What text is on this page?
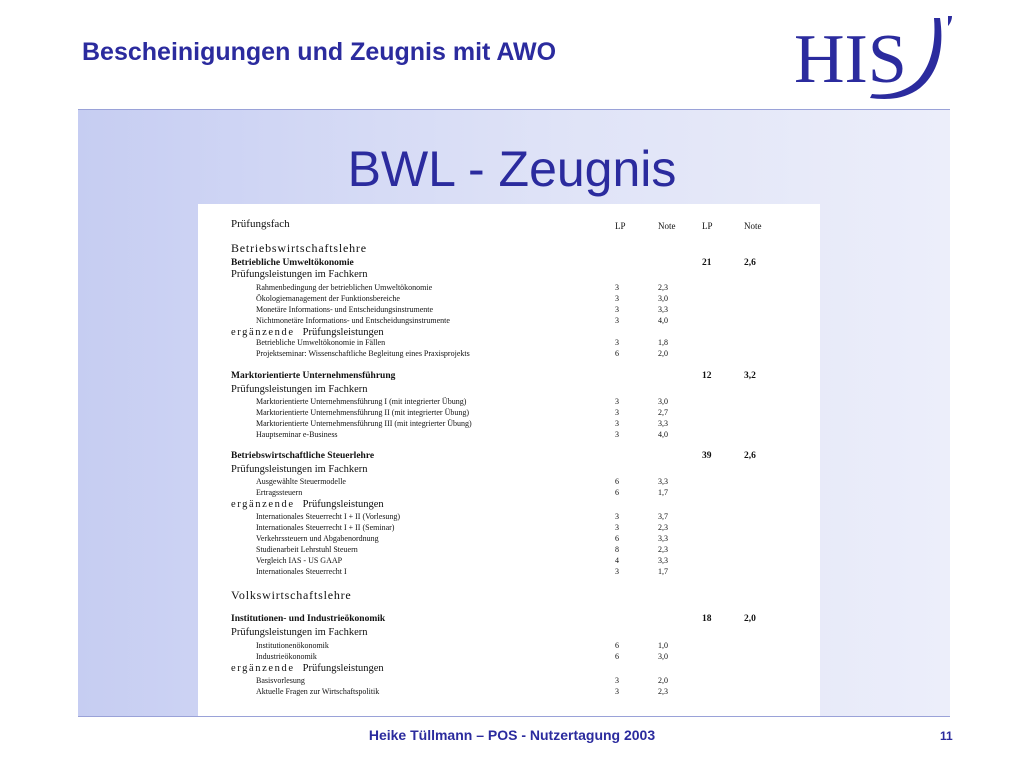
Bescheinigungen und Zeugnis mit AWO	HIS
BWL - Zeugnis
Prüfungsfach	LP	Note	LP	Note
Betriebswirtschaftslehre
Betriebliche Umweltökonomie	21	2,6
Prüfungsleistungen im Fachkern
Rahmenbedingung der betrieblichen Umweltökonomie	3	2,3
Ökologiemanagement der Funktionsbereiche	3	3,0
Monetäre Informations- und Entscheidungsinstrumente	3	3,3
Nichtmonetäre Informations- und Entscheidungsinstrumente	3	4,0
ergänzende Prüfungsleistungen
Betriebliche Umweltökonomie in Fällen	3	1,8
Projektseminar: Wissenschaftliche Begleitung eines Praxisprojekts	6	2,0
Marktorientierte Unternehmensführung	12	3,2
Prüfungsleistungen im Fachkern
Marktorientierte Unternehmensführung I (mit integrierter Übung)	3	3,0
Marktorientierte Unternehmensführung II (mit integrierter Übung)	3	2,7
Marktorientierte Unternehmensführung III (mit integrierter Übung)	3	3,3
Hauptseminar e-Business	3	4,0
Betriebswirtschaftliche Steuerlehre	39	2,6
Prüfungsleistungen im Fachkern
Ausgewählte Steuermodelle	6	3,3
Ertragssteuern	6	1,7
ergänzende Prüfungsleistungen
Internationales Steuerrecht I + II (Vorlesung)	3	3,7
Internationales Steuerrecht I + II (Seminar)	3	2,3
Verkehrssteuern und Abgabenordnung	6	3,3
Studienarbeit Lehrstuhl Steuern	8	2,3
Vergleich IAS - US GAAP	4	3,3
Internationales Steuerrecht I	3	1,7
Volkswirtschaftslehre
Institutionen- und Industrieökonomik	18	2,0
Prüfungsleistungen im Fachkern
Institutionenökonomik	6	1,0
Industrieökonomik	6	3,0
ergänzende Prüfungsleistungen
Basisvorlesung	3	2,0
Aktuelle Fragen zur Wirtschaftspolitik	3	2,3
Heike Tüllmann – POS - Nutzertagung 2003	11
